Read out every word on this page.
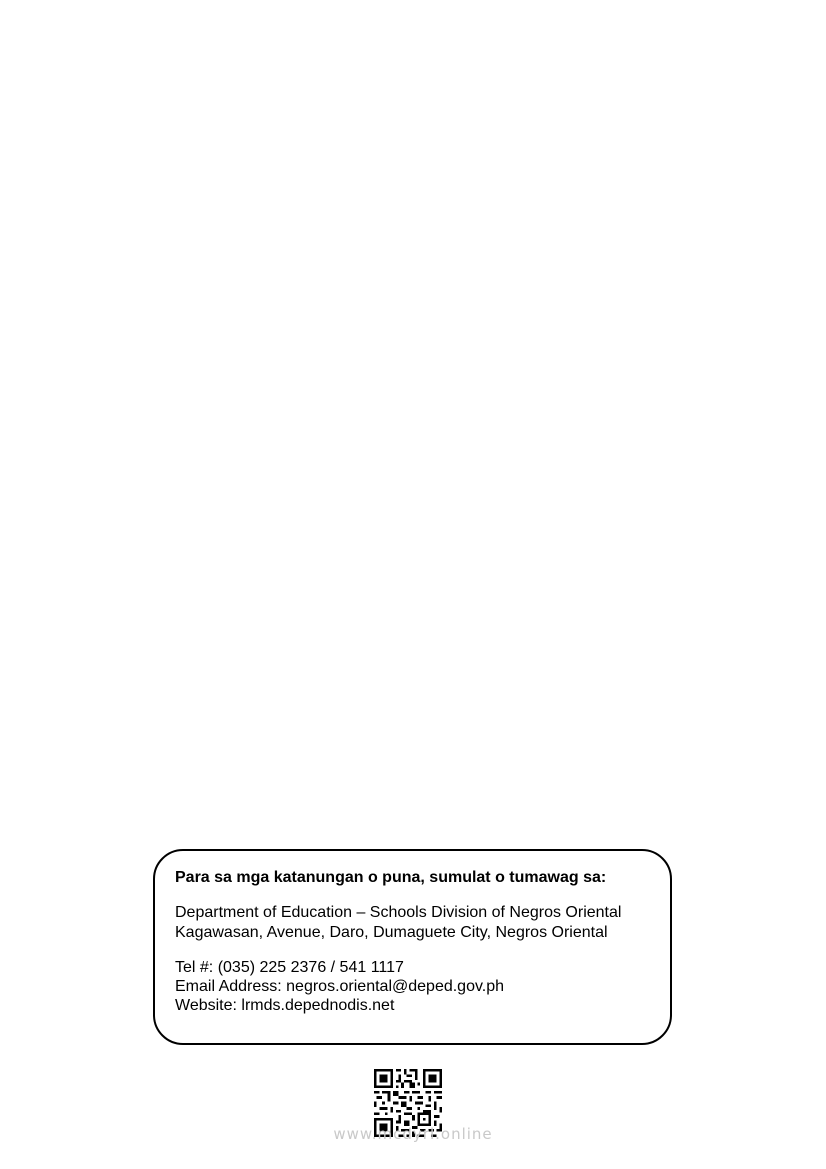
Para sa mga katanungan o puna, sumulat o tumawag sa:

Department of Education – Schools Division of Negros Oriental
Kagawasan, Avenue, Daro, Dumaguete City, Negros Oriental
Tel #: (035) 225 2376 / 541 1117
Email Address: negros.oriental@deped.gov.ph
Website: lrmds.depednodis.net
www.mcdyrl.online
